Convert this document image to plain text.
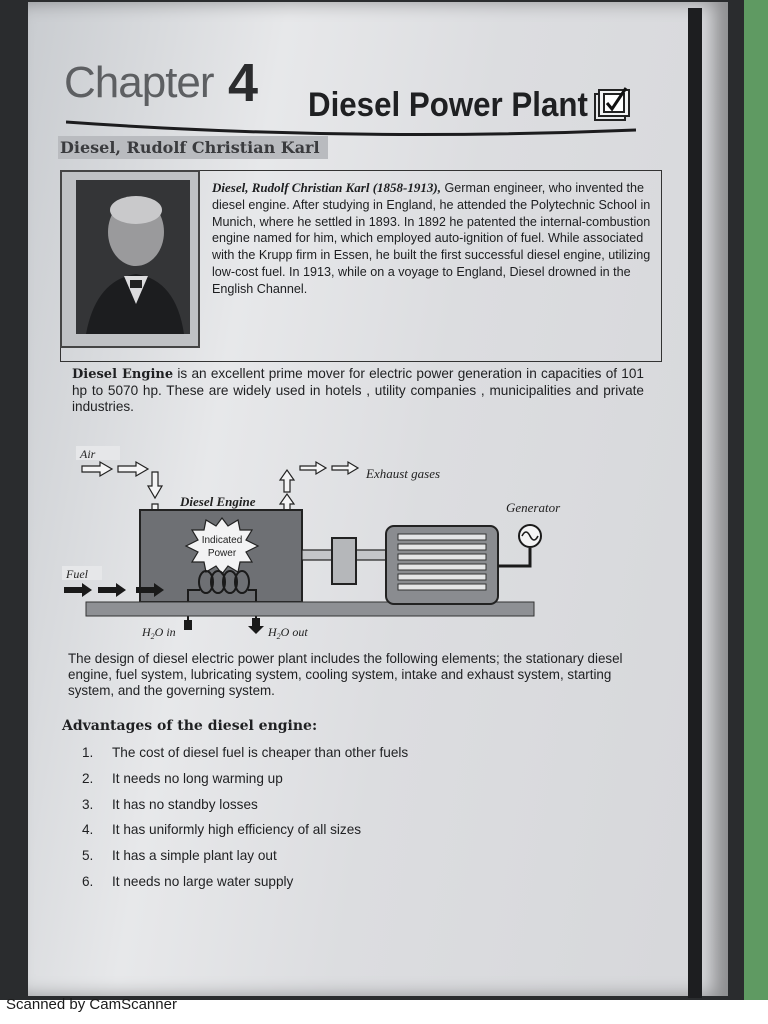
Chapter 4 Diesel Power Plant
Diesel, Rudolf Christian Karl

Diesel, Rudolf Christian Karl (1858-1913), German engineer, who invented the diesel engine. After studying in England, he attended the Polytechnic School in Munich, where he settled in 1893. In 1892 he patented the internal-combustion engine named for him, which employed auto-ignition of fuel. While associated with the Krupp firm in Essen, he built the first successful diesel engine, utilizing low-cost fuel. In 1913, while on a voyage to England, Diesel drowned in the English Channel.

Diesel Engine is an excellent prime mover for electric power generation in capacities of 101 hp to 5070 hp. These are widely used in hotels , utility companies , municipalities and private industries.

Air
Exhaust gases
Diesel Engine
Indicated
Power
$H_2O$ in	$H_2O$ out
Fuel
Generator

The design of diesel electric power plant includes the following elements; the stationary diesel engine, fuel system, lubricating system, cooling system, intake and exhaust system, starting system, and the governing system.

Advantages of the diesel engine:
1.	The cost of diesel fuel is cheaper than other fuels
2.	It needs no long warming up
3.	It has no standby losses
4.	It has uniformly high efficiency of all sizes
5.	It has a simple plant lay out
6.	It needs no large water supply
Scanned by CamScanner
